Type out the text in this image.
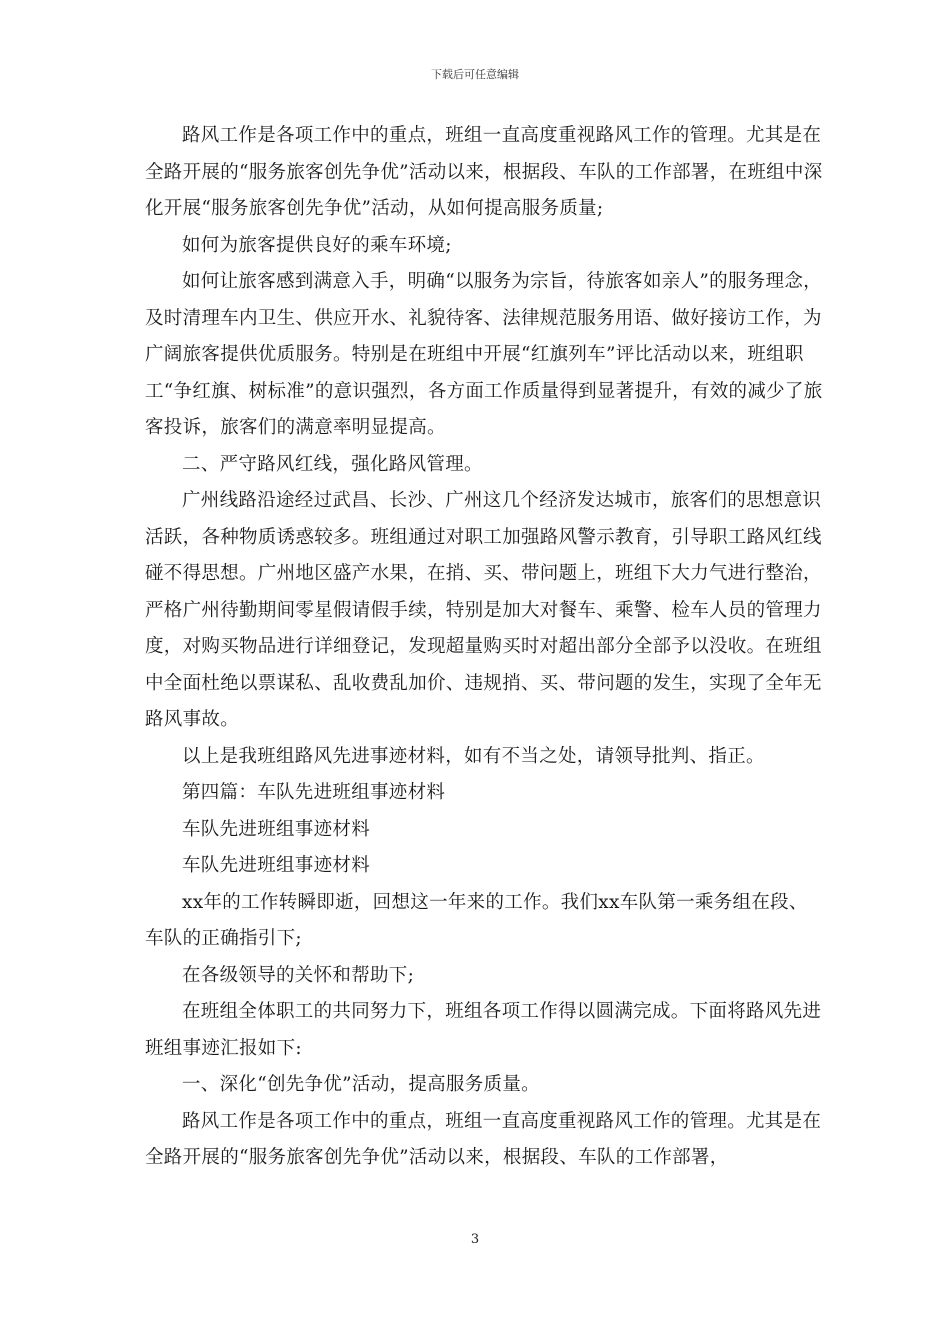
下载后可任意编辑

路风工作是各项工作中的重点，班组一直高度重视路风工作的管理。尤其是在全路开展的“服务旅客创先争优”活动以来，根据段、车队的工作部署，在班组中深化开展“服务旅客创先争优”活动，从如何提高服务质量;

如何为旅客提供良好的乘车环境;

如何让旅客感到满意入手，明确“以服务为宗旨，待旅客如亲人”的服务理念，及时清理车内卫生、供应开水、礼貌待客、法律规范服务用语、做好接访工作，为广阔旅客提供优质服务。特别是在班组中开展“红旗列车”评比活动以来，班组职工“争红旗、树标准”的意识强烈，各方面工作质量得到显著提升，有效的减少了旅客投诉，旅客们的满意率明显提高。

二、严守路风红线，强化路风管理。

广州线路沿途经过武昌、长沙、广州这几个经济发达城市，旅客们的思想意识活跃，各种物质诱惑较多。班组通过对职工加强路风警示教育，引导职工路风红线碰不得思想。广州地区盛产水果，在捎、买、带问题上，班组下大力气进行整治，严格广州待勤期间零星假请假手续，特别是加大对餐车、乘警、检车人员的管理力度，对购买物品进行详细登记，发现超量购买时对超出部分全部予以没收。在班组中全面杜绝以票谋私、乱收费乱加价、违规捎、买、带问题的发生，实现了全年无路风事故。

以上是我班组路风先进事迹材料，如有不当之处，请领导批判、指正。

第四篇：车队先进班组事迹材料

车队先进班组事迹材料

车队先进班组事迹材料

xx年的工作转瞬即逝，回想这一年来的工作。我们xx车队第一乘务组在段、车队的正确指引下;

在各级领导的关怀和帮助下;

在班组全体职工的共同努力下，班组各项工作得以圆满完成。下面将路风先进班组事迹汇报如下:

一、深化“创先争优”活动，提高服务质量。

路风工作是各项工作中的重点，班组一直高度重视路风工作的管理。尤其是在全路开展的“服务旅客创先争优”活动以来，根据段、车队的工作部署，

3
